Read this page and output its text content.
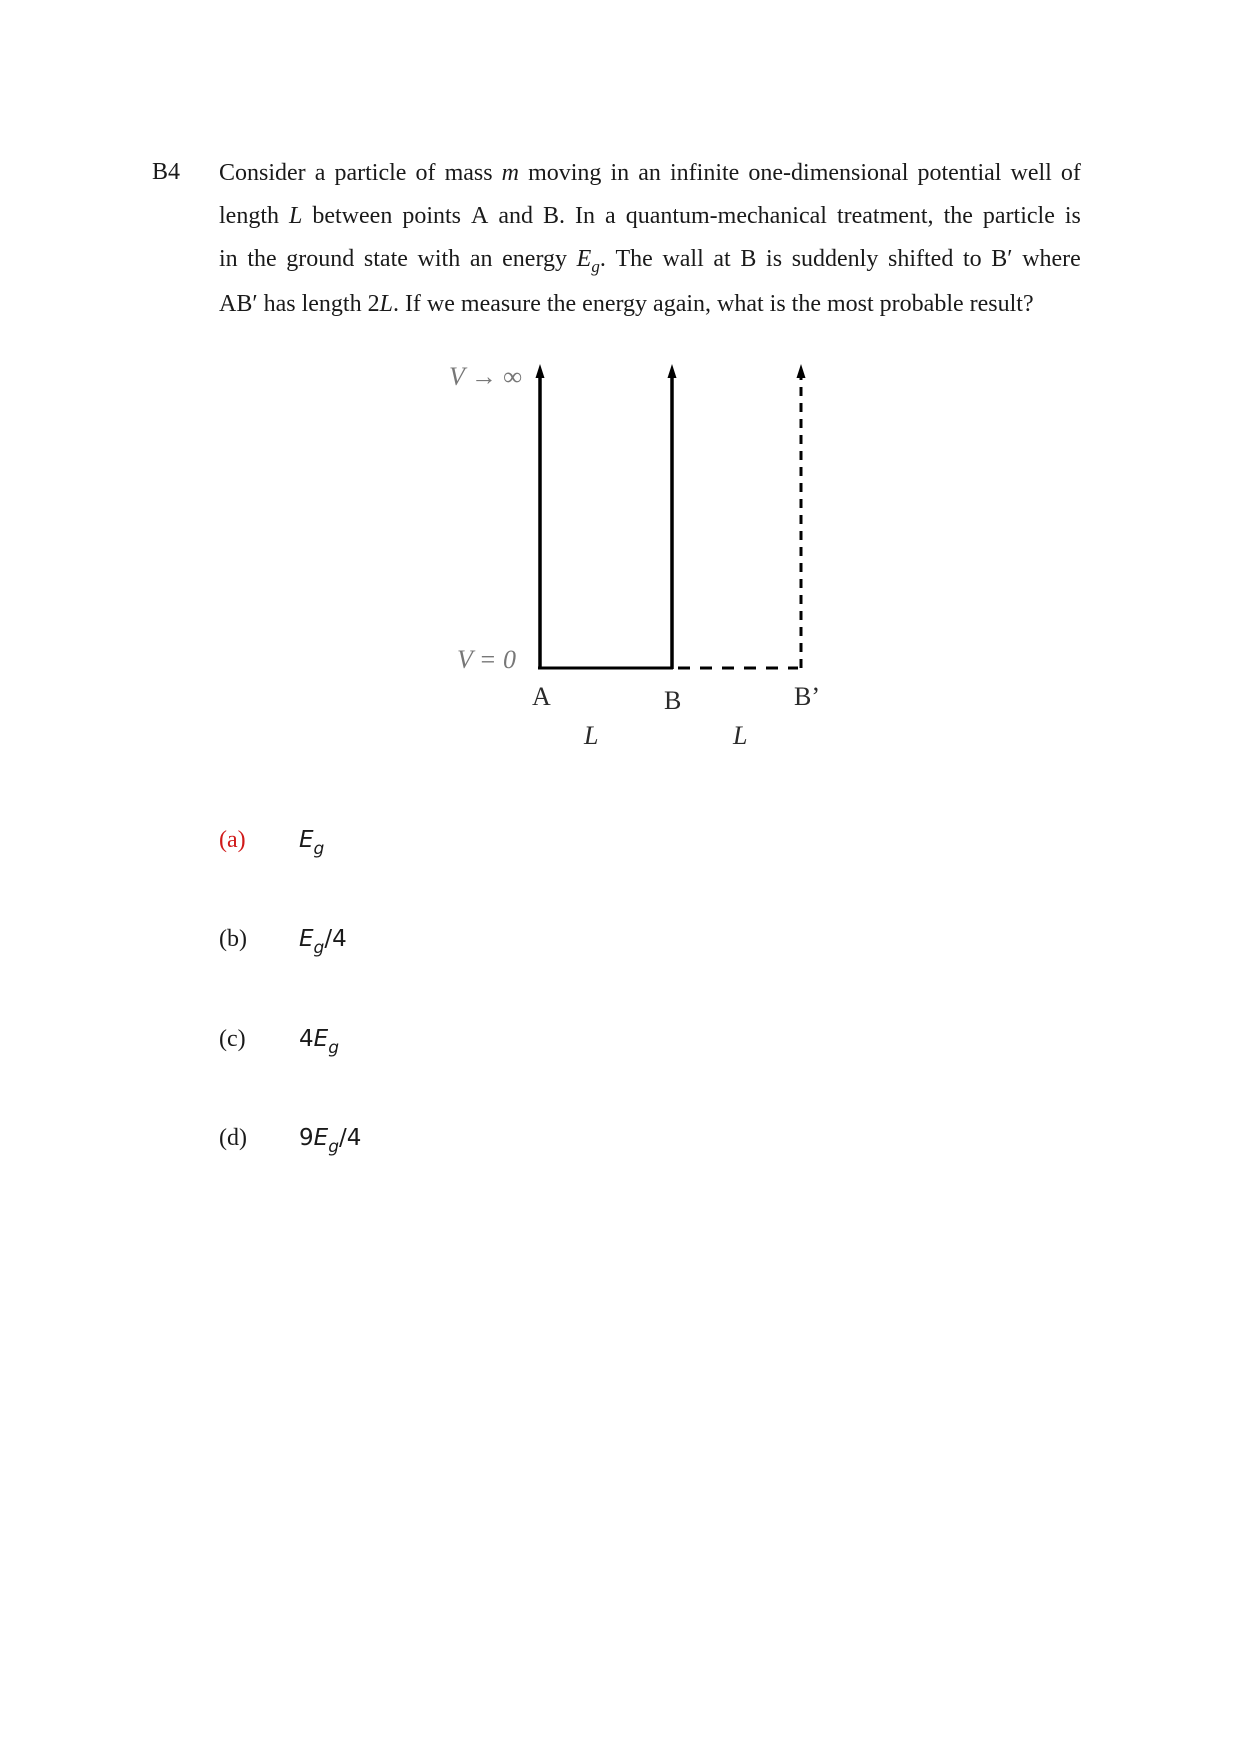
B4 Consider a particle of mass m moving in an infinite one-dimensional potential well of
length L between points A and B. In a quantum-mechanical treatment, the particle is
in the ground state with an energy $E_g$. The wall at B is suddenly shifted to B′ where
AB′ has length 2L. If we measure the energy again, what is the most probable result?
V → ∞
V = 0
A	B	B’
L	L
(a) $E_g$
(b) $E_g/4$
(c) $4E_g$
(d) $9E_g/4$
